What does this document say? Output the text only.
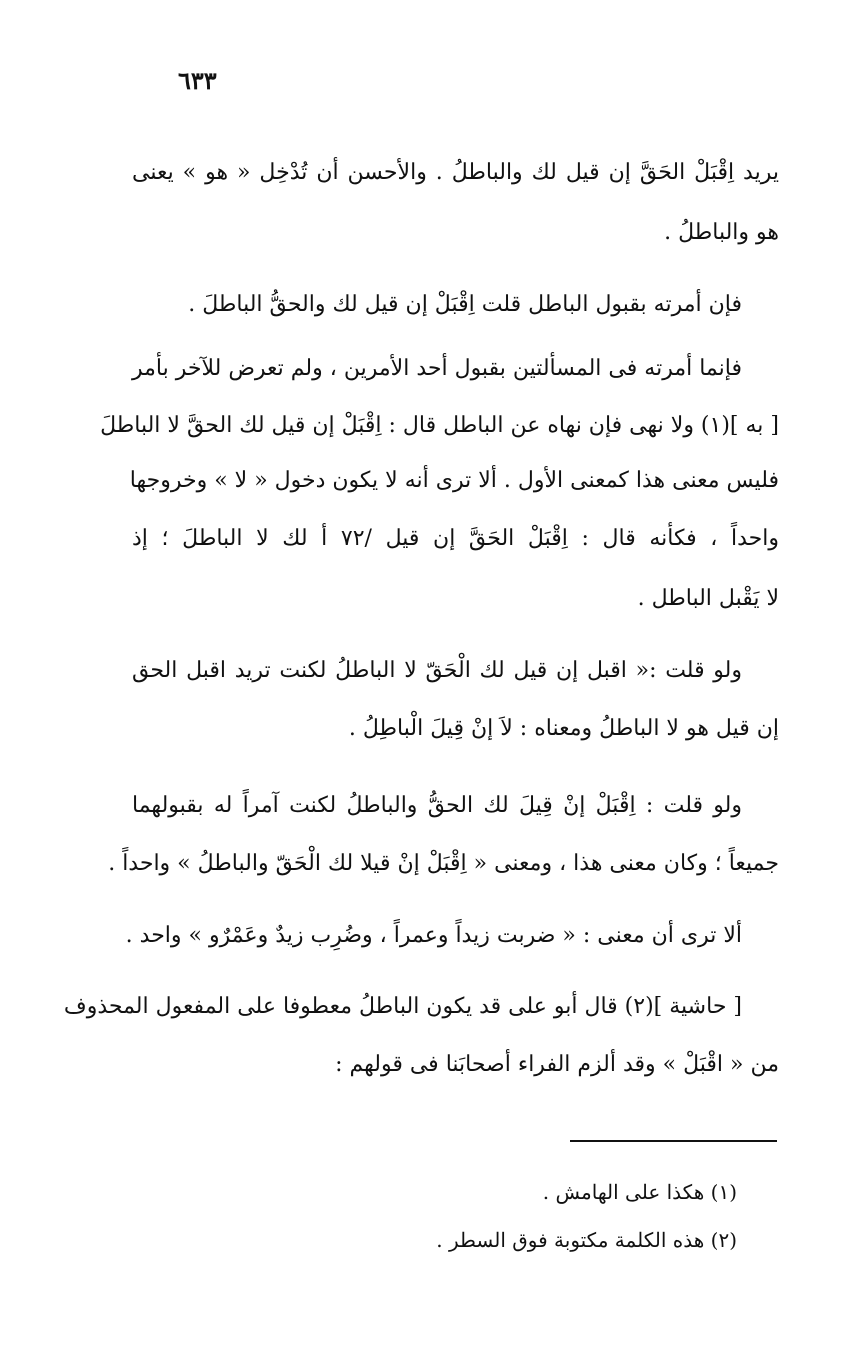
٦٣٣
يريد اِقْبَلْ الحَقَّ إن قيل لك والباطلُ . والأحسن أن تُدْخِل « هو » يعنى
هو والباطلُ .
فإن أمرته بقبول الباطل قلت اِقْبَلْ إن قيل لك والحقُّ الباطلَ .
فإنما أمرته فى المسألتين بقبول أحد الأمرين ، ولم تعرض للآخر بأمر
[ به ](١) ولا نهى فإن نهاه عن الباطل قال : اِقْبَلْ إن قيل لك الحقَّ لا الباطلَ
فليس معنى هذا كمعنى الأول . ألا ترى أنه لا يكون دخول « لا » وخروجها
واحداً ، فكأنه قال : اِقْبَلْ الحَقَّ إن قيل /٧٢ أ لك لا الباطلَ ؛ إذ
لا يَقْبل الباطل .
ولو قلت :« اقبل إن قيل لك الْحَقّ لا الباطلُ لكنت تريد اقبل الحق
إن قيل هو لا الباطلُ ومعناه : لاَ إنْ قِيلَ الْباطِلُ .
ولو قلت : اِقْبَلْ إنْ قِيلَ لك الحقُّ والباطلُ لكنت آمراً له بقبولهما
جميعاً ؛ وكان معنى هذا ، ومعنى « اِقْبَلْ إنْ قيلا لك الْحَقّ والباطلُ » واحداً .
ألا ترى أن معنى : « ضربت زيداً وعمراً ، وضُرِب زيدٌ وعَمْرٌو » واحد .
[ حاشية ](٢) قال أبو على قد يكون الباطلُ معطوفا على المفعول المحذوف
من « اقْبَلْ » وقد ألزم الفراء أصحابَنا فى قولهم :
(١) هكذا على الهامش .
(٢) هذه الكلمة مكتوبة فوق السطر .
